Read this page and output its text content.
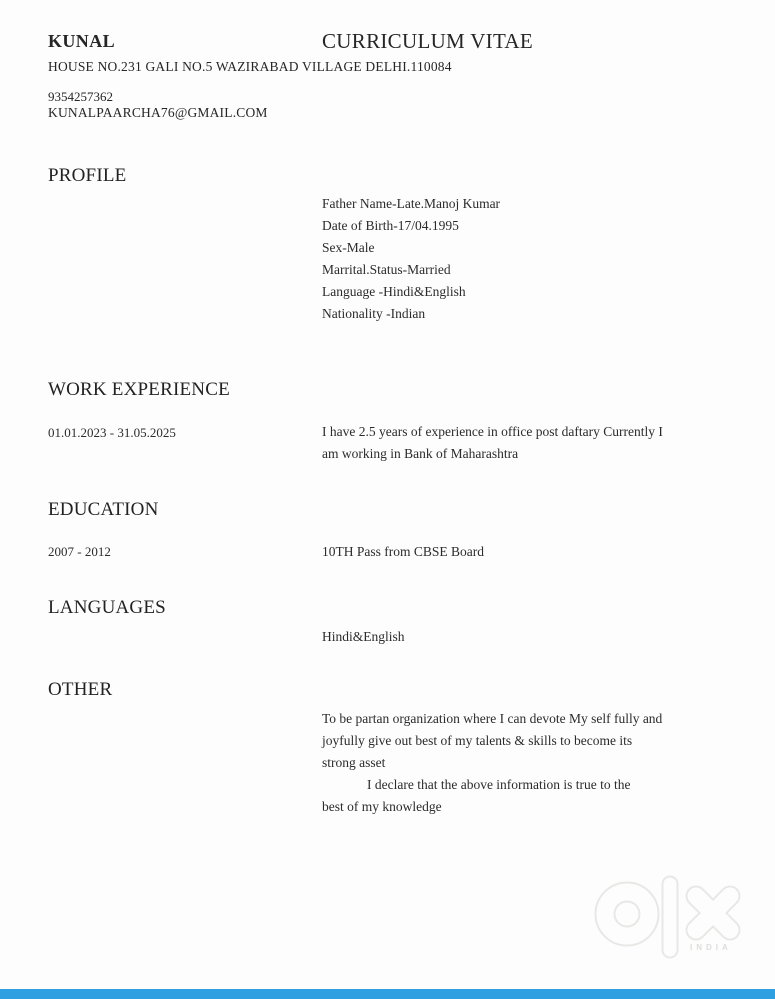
KUNAL	CURRICULUM VITAE
HOUSE NO.231 GALI NO.5 WAZIRABAD VILLAGE DELHI.110084
9354257362
KUNALPAARCHA76@GMAIL.COM
PROFILE
Father Name-Late.Manoj Kumar
Date of Birth-17/04.1995
Sex-Male
Marrital.Status-Married
Language -Hindi&English
Nationality -Indian
WORK EXPERIENCE
01.01.2023 - 31.05.2025	I have 2.5 years of experience in office post daftary Currently I
am working in Bank of Maharashtra
EDUCATION
2007 - 2012	10TH Pass from CBSE Board
LANGUAGES
Hindi&English
OTHER
To be partan organization where I can devote My self fully and
joyfully give out best of my talents & skills to become its
strong asset
I declare that the above information is true to the
best of my knowledge
INDIA
